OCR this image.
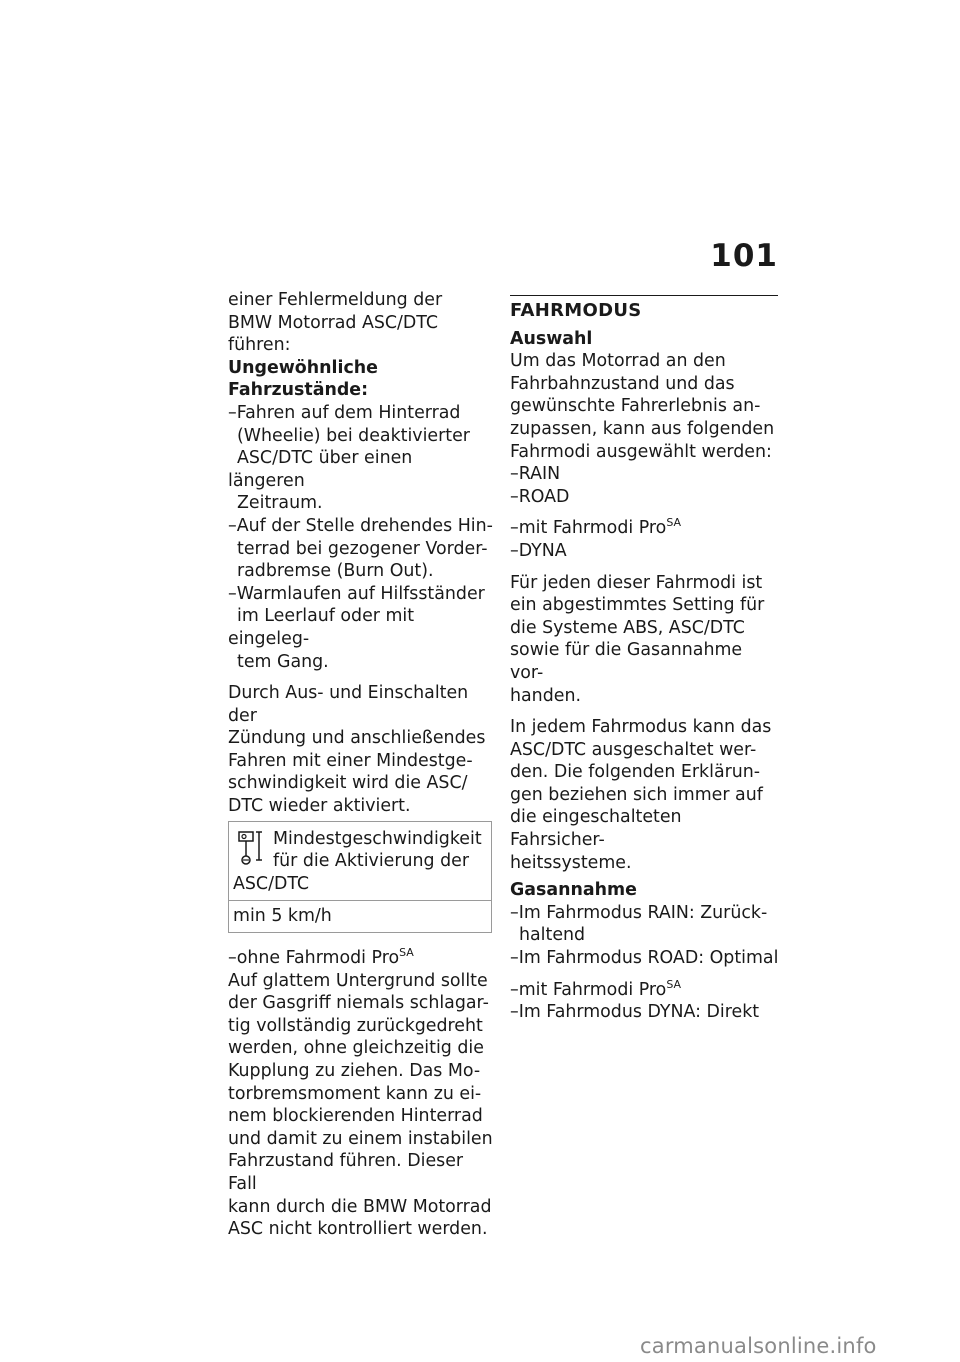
101

einer Fehlermeldung der
BMW Motorrad ASC/DTC
führen:

Ungewöhnliche Fahrzustände:

–Fahren auf dem Hinterrad
(Wheelie) bei deaktivierter
ASC/DTC über einen längeren
Zeitraum.
–Auf der Stelle drehendes Hin-
terrad bei gezogener Vorder-
radbremse (Burn Out).
–Warmlaufen auf Hilfsständer
im Leerlauf oder mit eingeleg-
tem Gang.

Durch Aus- und Einschalten der
Zündung und anschließendes
Fahren mit einer Mindestge-
schwindigkeit wird die ASC/
DTC wieder aktiviert.

Mindestgeschwindigkeit
für die Aktivierung der
ASC/DTC
min 5 km/h

–ohne Fahrmodi Pro$^{SA}$

Auf glattem Untergrund sollte
der Gasgriff niemals schlagar-
tig vollständig zurückgedreht
werden, ohne gleichzeitig die
Kupplung zu ziehen. Das Mo-
torbremsmoment kann zu ei-
nem blockierenden Hinterrad
und damit zu einem instabilen
Fahrzustand führen. Dieser Fall
kann durch die BMW Motorrad
ASC nicht kontrolliert werden.

FAHRMODUS

Auswahl

Um das Motorrad an den
Fahrbahnzustand und das
gewünschte Fahrerlebnis an-
zupassen, kann aus folgenden
Fahrmodi ausgewählt werden:

–RAIN
–ROAD

–mit Fahrmodi Pro$^{SA}$

–DYNA

Für jeden dieser Fahrmodi ist
ein abgestimmtes Setting für
die Systeme ABS, ASC/DTC
sowie für die Gasannahme vor-
handen.

In jedem Fahrmodus kann das
ASC/DTC ausgeschaltet wer-
den. Die folgenden Erklärun-
gen beziehen sich immer auf
die eingeschalteten Fahrsicher-
heitssysteme.

Gasannahme

–Im Fahrmodus RAIN: Zurück-
haltend
–Im Fahrmodus ROAD: Optimal

–mit Fahrmodi Pro$^{SA}$

–Im Fahrmodus DYNA: Direkt

carmanualsonline.info
